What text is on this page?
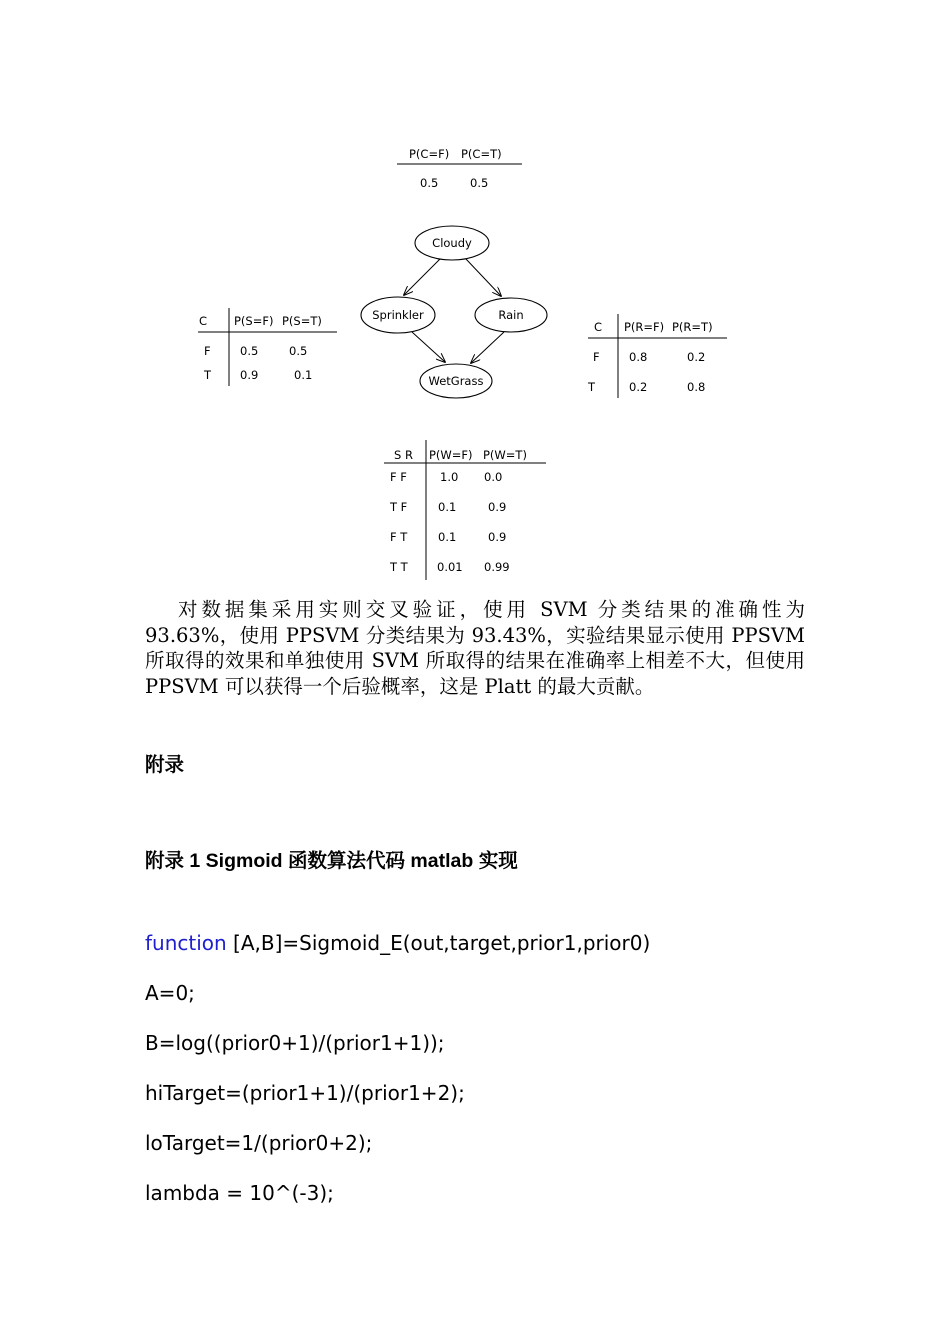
P(C=F) P(C=T)
0.5	0.5
Cloudy
Sprinkler	Rain
WetGrass
C P(S=F) P(S=T)
F	0.5	0.5
T	0.9	0.1
C P(R=F) P(R=T)
F	0.8	0.2
T	0.2	0.8
S R P(W=F) P(W=T)
F F	1.0 0.0
T F	0.1	0.9
F T	0.1	0.9
T T	0.01 0.99

对数据集采用实则交叉验证，使用 SVM 分类结果的准确性为 93.63%，使用 PPSVM 分类结果为 93.43%，实验结果显示使用 PPSVM 所取得的效果和单独使用 SVM 所取得的结果在准确率上相差不大，但使用 PPSVM 可以获得一个后验概率，这是 Platt 的最大贡献。

附录
附录 1 Sigmoid 函数算法代码 matlab 实现

function [A,B]=Sigmoid_E(out,target,prior1,prior0)

A=0;

B=log((prior0+1)/(prior1+1));

hiTarget=(prior1+1)/(prior1+2);

loTarget=1/(prior0+2);

lambda = 10^(-3);
